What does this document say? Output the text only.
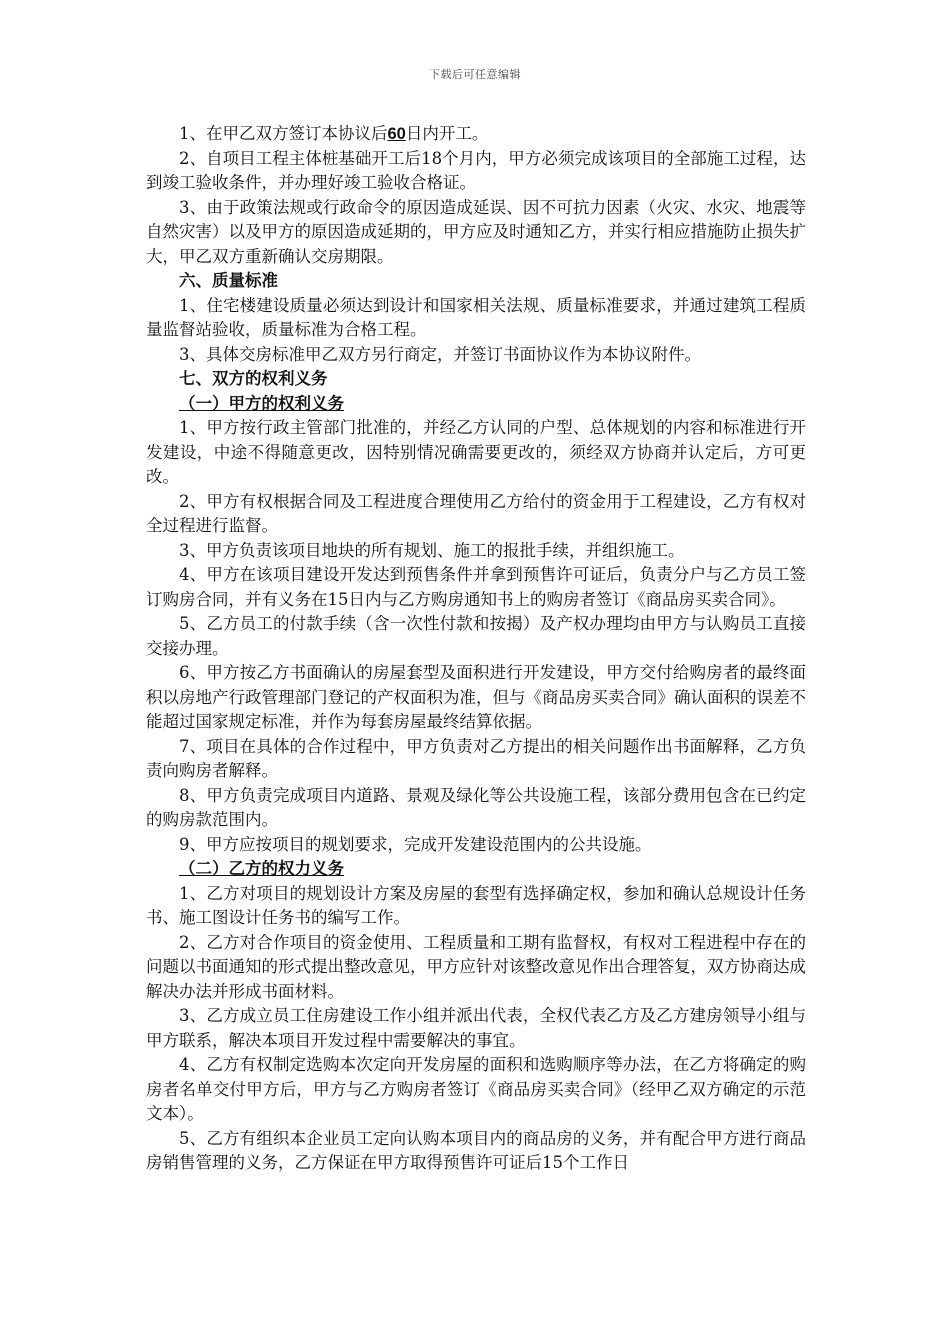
下载后可任意编辑

1、在甲乙双方签订本协议后60日内开工。

2、自项目工程主体桩基础开工后18个月内，甲方必须完成该项目的全部施工过程，达到竣工验收条件，并办理好竣工验收合格证。

3、由于政策法规或行政命令的原因造成延误、因不可抗力因素（火灾、水灾、地震等自然灾害）以及甲方的原因造成延期的，甲方应及时通知乙方，并实行相应措施防止损失扩大，甲乙双方重新确认交房期限。

六、质量标准

1、住宅楼建设质量必须达到设计和国家相关法规、质量标准要求，并通过建筑工程质量监督站验收，质量标准为合格工程。

3、具体交房标准甲乙双方另行商定，并签订书面协议作为本协议附件。

七、双方的权利义务

（一）甲方的权利义务

1、甲方按行政主管部门批准的，并经乙方认同的户型、总体规划的内容和标准进行开发建设，中途不得随意更改，因特别情况确需要更改的，须经双方协商并认定后，方可更改。

2、甲方有权根据合同及工程进度合理使用乙方给付的资金用于工程建设，乙方有权对全过程进行监督。

3、甲方负责该项目地块的所有规划、施工的报批手续，并组织施工。

4、甲方在该项目建设开发达到预售条件并拿到预售许可证后，负责分户与乙方员工签订购房合同，并有义务在15日内与乙方购房通知书上的购房者签订《商品房买卖合同》。

5、乙方员工的付款手续（含一次性付款和按揭）及产权办理均由甲方与认购员工直接交接办理。

6、甲方按乙方书面确认的房屋套型及面积进行开发建设，甲方交付给购房者的最终面积以房地产行政管理部门登记的产权面积为准，但与《商品房买卖合同》确认面积的误差不能超过国家规定标准，并作为每套房屋最终结算依据。

7、项目在具体的合作过程中，甲方负责对乙方提出的相关问题作出书面解释，乙方负责向购房者解释。

8、甲方负责完成项目内道路、景观及绿化等公共设施工程，该部分费用包含在已约定的购房款范围内。

9、甲方应按项目的规划要求，完成开发建设范围内的公共设施。

（二）乙方的权力义务

1、乙方对项目的规划设计方案及房屋的套型有选择确定权，参加和确认总规设计任务书、施工图设计任务书的编写工作。

2、乙方对合作项目的资金使用、工程质量和工期有监督权，有权对工程进程中存在的问题以书面通知的形式提出整改意见，甲方应针对该整改意见作出合理答复，双方协商达成解决办法并形成书面材料。

3、乙方成立员工住房建设工作小组并派出代表，全权代表乙方及乙方建房领导小组与甲方联系，解决本项目开发过程中需要解决的事宜。

4、乙方有权制定选购本次定向开发房屋的面积和选购顺序等办法，在乙方将确定的购房者名单交付甲方后，甲方与乙方购房者签订《商品房买卖合同》（经甲乙双方确定的示范文本）。

5、乙方有组织本企业员工定向认购本项目内的商品房的义务，并有配合甲方进行商品房销售管理的义务，乙方保证在甲方取得预售许可证后15个工作日
